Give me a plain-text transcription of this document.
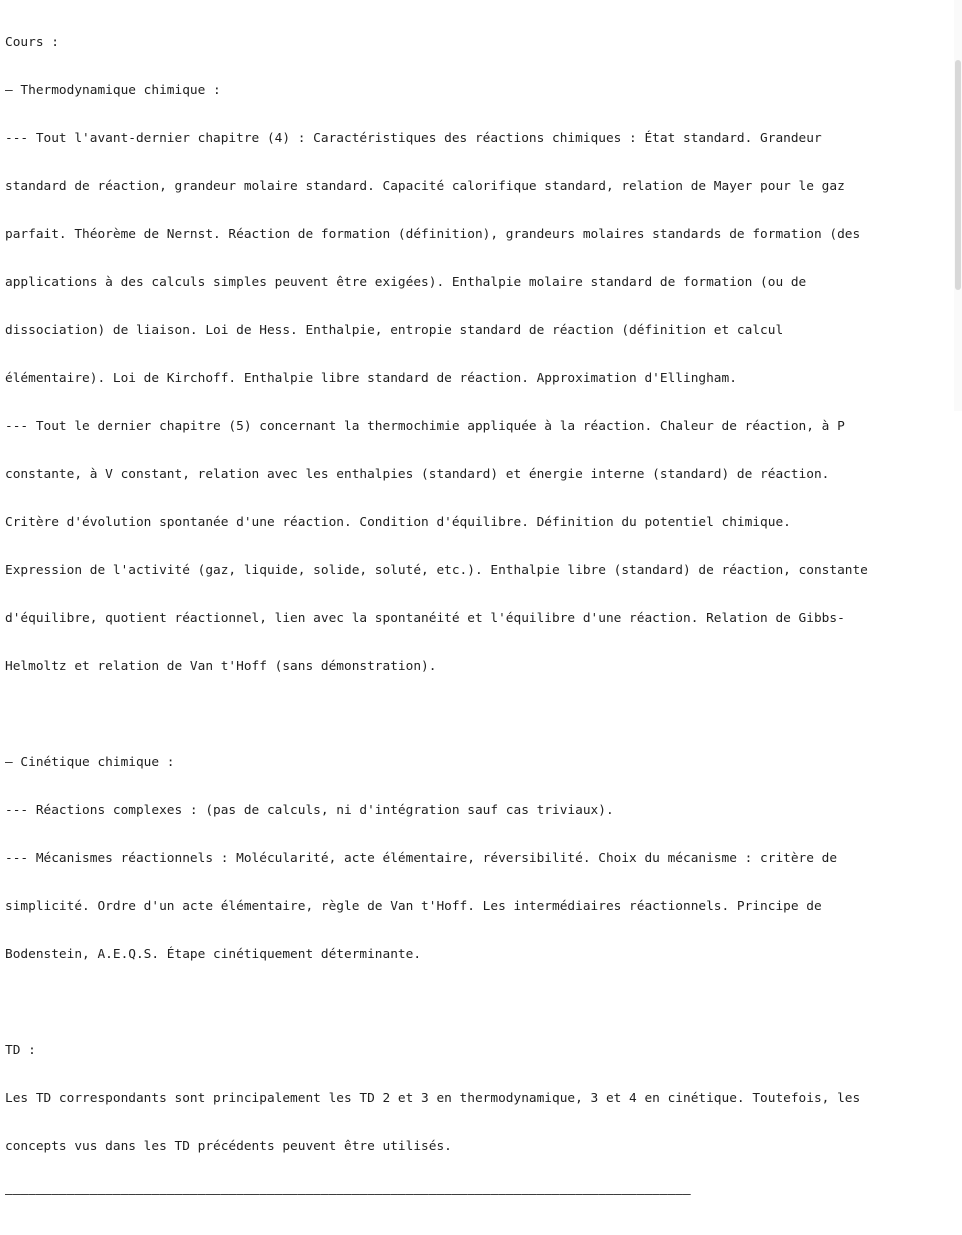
Cours :

— Thermodynamique chimique :

--- Tout l'avant-dernier chapitre (4) : Caractéristiques des réactions chimiques : État standard. Grandeur

standard de réaction, grandeur molaire standard. Capacité calorifique standard, relation de Mayer pour le gaz

parfait. Théorème de Nernst. Réaction de formation (définition), grandeurs molaires standards de formation (des

applications à des calculs simples peuvent être exigées). Enthalpie molaire standard de formation (ou de

dissociation) de liaison. Loi de Hess. Enthalpie, entropie standard de réaction (définition et calcul

élémentaire). Loi de Kirchoff. Enthalpie libre standard de réaction. Approximation d'Ellingham.

--- Tout le dernier chapitre (5) concernant la thermochimie appliquée à la réaction. Chaleur de réaction, à P

constante, à V constant, relation avec les enthalpies (standard) et énergie interne (standard) de réaction.

Critère d'évolution spontanée d'une réaction. Condition d'équilibre. Définition du potentiel chimique.

Expression de l'activité (gaz, liquide, solide, soluté, etc.). Enthalpie libre (standard) de réaction, constante

d'équilibre, quotient réactionnel, lien avec la spontanéité et l'équilibre d'une réaction. Relation de Gibbs-

Helmoltz et relation de Van t'Hoff (sans démonstration).

— Cinétique chimique :

--- Réactions complexes : (pas de calculs, ni d'intégration sauf cas triviaux).

--- Mécanismes réactionnels : Molécularité, acte élémentaire, réversibilité. Choix du mécanisme : critère de

simplicité. Ordre d'un acte élémentaire, règle de Van t'Hoff. Les intermédiaires réactionnels. Principe de

Bodenstein, A.E.Q.S. Étape cinétiquement déterminante.

TD :

Les TD correspondants sont principalement les TD 2 et 3 en thermodynamique, 3 et 4 en cinétique. Toutefois, les

concepts vus dans les TD précédents peuvent être utilisés.

—————————————————————————————————————————————————————————————————————————————————————————
